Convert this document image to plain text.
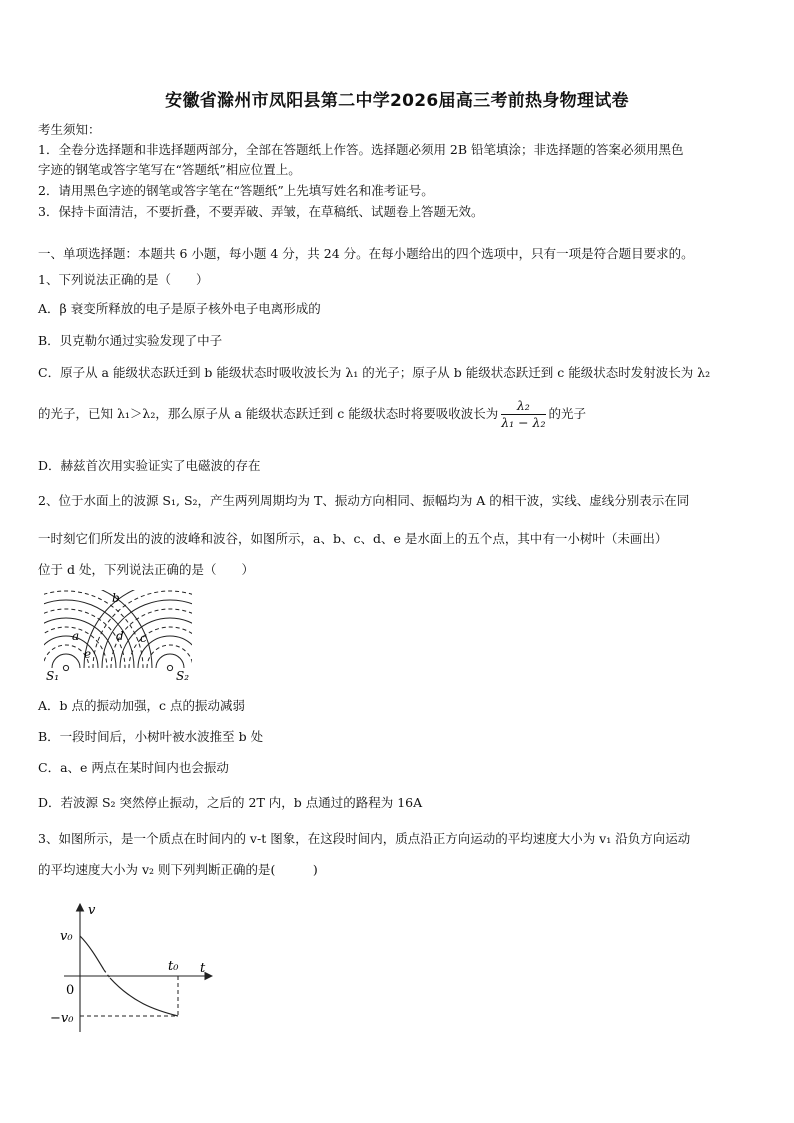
安徽省滁州市凤阳县第二中学2026届高三考前热身物理试卷
考生须知：
1．全卷分选择题和非选择题两部分，全部在答题纸上作答。选择题必须用 2B 铅笔填涂；非选择题的答案必须用黑色
字迹的钢笔或答字笔写在“答题纸”相应位置上。
2．请用黑色字迹的钢笔或答字笔在“答题纸”上先填写姓名和准考证号。
3．保持卡面清洁，不要折叠，不要弄破、弄皱，在草稿纸、试题卷上答题无效。
一、单项选择题：本题共 6 小题，每小题 4 分，共 24 分。在每小题给出的四个选项中，只有一项是符合题目要求的。
1、下列说法正确的是（　　）
A．β 衰变所释放的电子是原子核外电子电离形成的
B．贝克勒尔通过实验发现了中子
C．原子从 a 能级状态跃迁到 b 能级状态时吸收波长为 λ₁ 的光子；原子从 b 能级状态跃迁到 c 能级状态时发射波长为 λ₂
的光子，已知 λ₁＞λ₂，那么原子从 a 能级状态跃迁到 c 能级状态时将要吸收波长为 $\frac{\text{λ₂}}{\text{λ₁ − λ₂}}$ 的光子
D．赫兹首次用实验证实了电磁波的存在
2、位于水面上的波源 S₁, S₂，产生两列周期均为 T、振动方向相同、振幅均为 A 的相干波，实线、虚线分别表示在同
一时刻它们所发出的波的波峰和波谷，如图所示，a、b、c、d、e 是水面上的五个点，其中有一小树叶（未画出）
位于 d 处，下列说法正确的是（　　）
b
a	c
d
e
S₁	S₂
A．b 点的振动加强，c 点的振动减弱
B．一段时间后，小树叶被水波推至 b 处
C．a、e 两点在某时间内也会振动
D．若波源 S₂ 突然停止振动，之后的 2T 内，b 点通过的路程为 16A
3、如图所示，是一个质点在时间内的 v-t 图象，在这段时间内，质点沿正方向运动的平均速度大小为 v₁ 沿负方向运动
的平均速度大小为 v₂ 则下列判断正确的是(　　　)
v
t
v₀
0
t₀
−v₀
